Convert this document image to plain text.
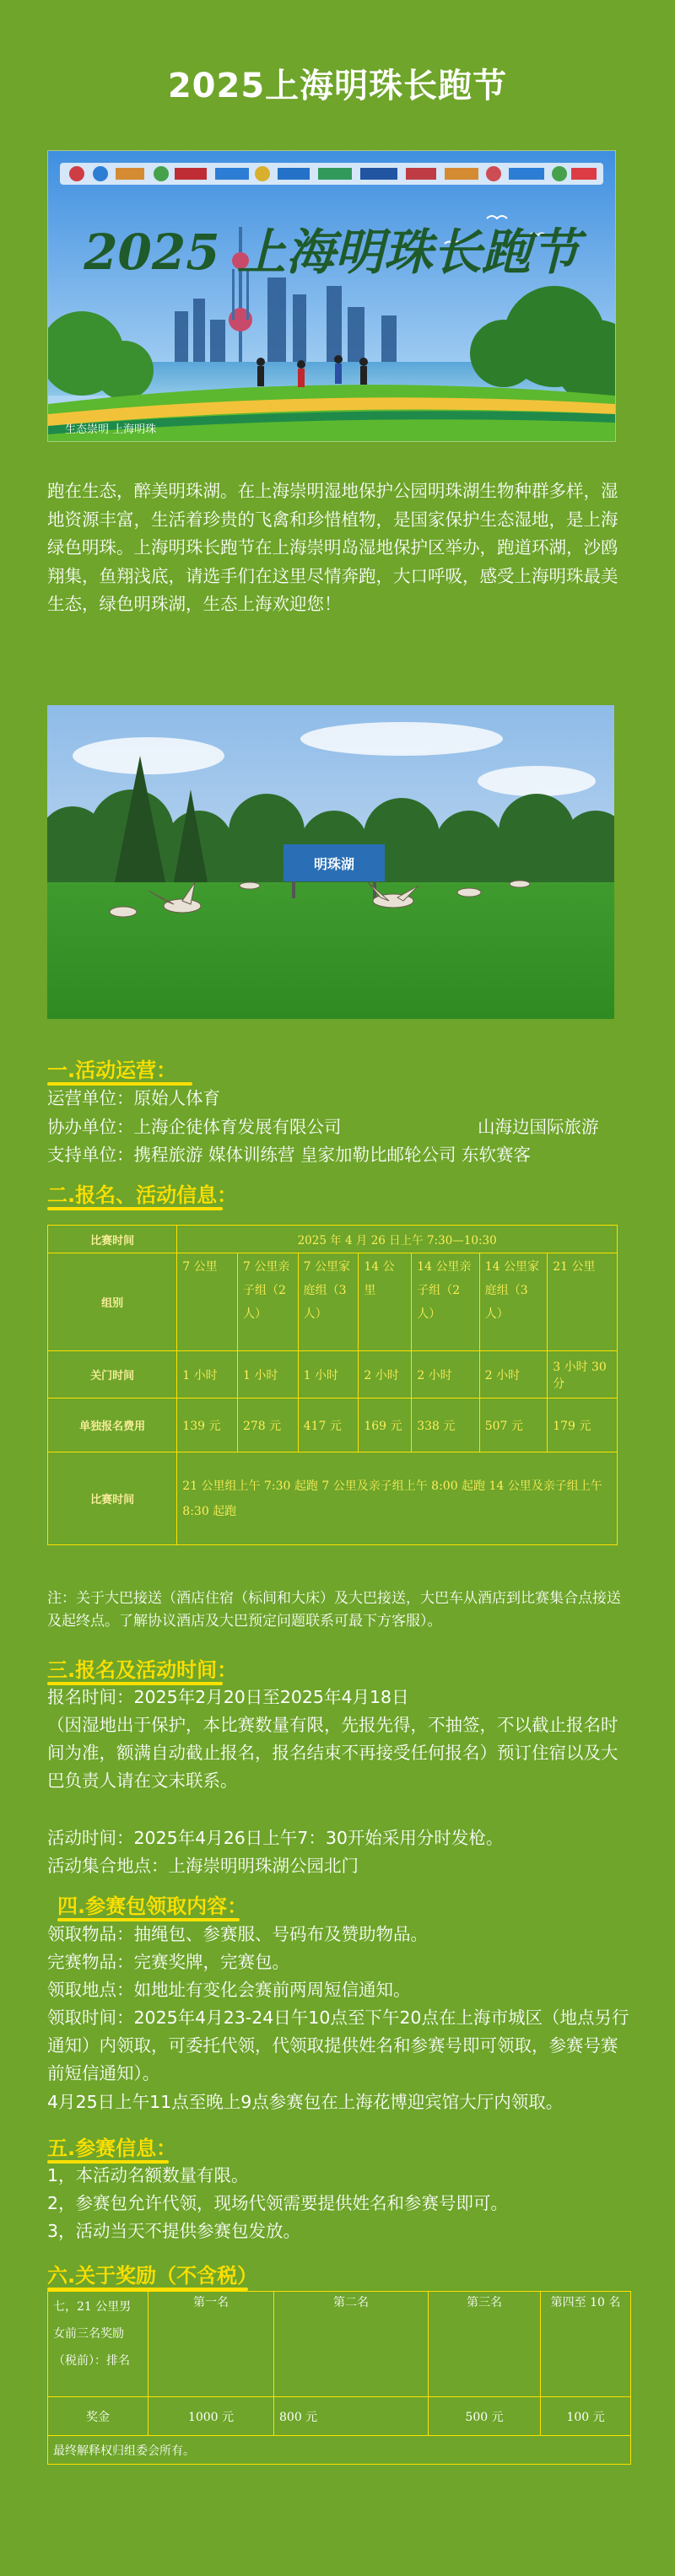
2025上海明珠长跑节
2025 上海明珠长跑节
生态崇明 上海明珠
跑在生态，醉美明珠湖。在上海崇明湿地保护公园明珠湖生物种群多样，湿地资源丰富，生活着珍贵的飞禽和珍惜植物，是国家保护生态湿地，是上海绿色明珠。上海明珠长跑节在上海崇明岛湿地保护区举办，跑道环湖，沙鸥翔集，鱼翔浅底，请选手们在这里尽情奔跑，大口呼吸，感受上海明珠最美生态，绿色明珠湖，生态上海欢迎您！
明珠湖
一.活动运营：
运营单位：原始人体育
协办单位：上海企徒体育发展有限公司	山海边国际旅游
支持单位：携程旅游 媒体训练营 皇家加勒比邮轮公司 东软赛客
二.报名、活动信息：
比赛时间	2025 年 4 月 26 日上午 7:30—10:30						
组别	7 公里	7 公里亲子组（2 人）	7 公里家庭组（3 人）	14 公里	14 公里亲子组（2 人）	14 公里家庭组（3 人）	21 公里
关门时间	1 小时	1 小时	1 小时	2 小时	2 小时	2 小时	3 小时 30 分
单独报名费用	139 元	278 元	417 元	169 元	338 元	507 元	179 元
比赛时间	21 公里组上午 7:30 起跑 7 公里及亲子组上午 8:00 起跑 14 公里及亲子组上午 8:30 起跑						
注：关于大巴接送（酒店住宿（标间和大床）及大巴接送，大巴车从酒店到比赛集合点接送及起终点。了解协议酒店及大巴预定问题联系可最下方客服）。
三.报名及活动时间：
报名时间：2025年2月20日至2025年4月18日
（因湿地出于保护，本比赛数量有限，先报先得，不抽签，不以截止报名时间为准，额满自动截止报名，报名结束不再接受任何报名）预订住宿以及大巴负责人请在文末联系。
活动时间：2025年4月26日上午7：30开始采用分时发枪。
活动集合地点：上海崇明明珠湖公园北门
四.参赛包领取内容：
领取物品：抽绳包、参赛服、号码布及赞助物品。
完赛物品：完赛奖牌，完赛包。
领取地点：如地址有变化会赛前两周短信通知。
领取时间：2025年4月23-24日午10点至下午20点在上海市城区（地点另行通知）内领取，可委托代领，代领取提供姓名和参赛号即可领取，参赛号赛前短信通知）。
4月25日上午11点至晚上9点参赛包在上海花博迎宾馆大厅内领取。
五.参赛信息：
1，本活动名额数量有限。
2，参赛包允许代领，现场代领需要提供姓名和参赛号即可。
3，活动当天不提供参赛包发放。
六.关于奖励（不含税）
七，21 公里男女前三名奖励（税前）：排名	第一名	第二名	第三名	第四至 10 名
奖金	1000 元	800 元	500 元	100 元
最终解释权归组委会所有。				
